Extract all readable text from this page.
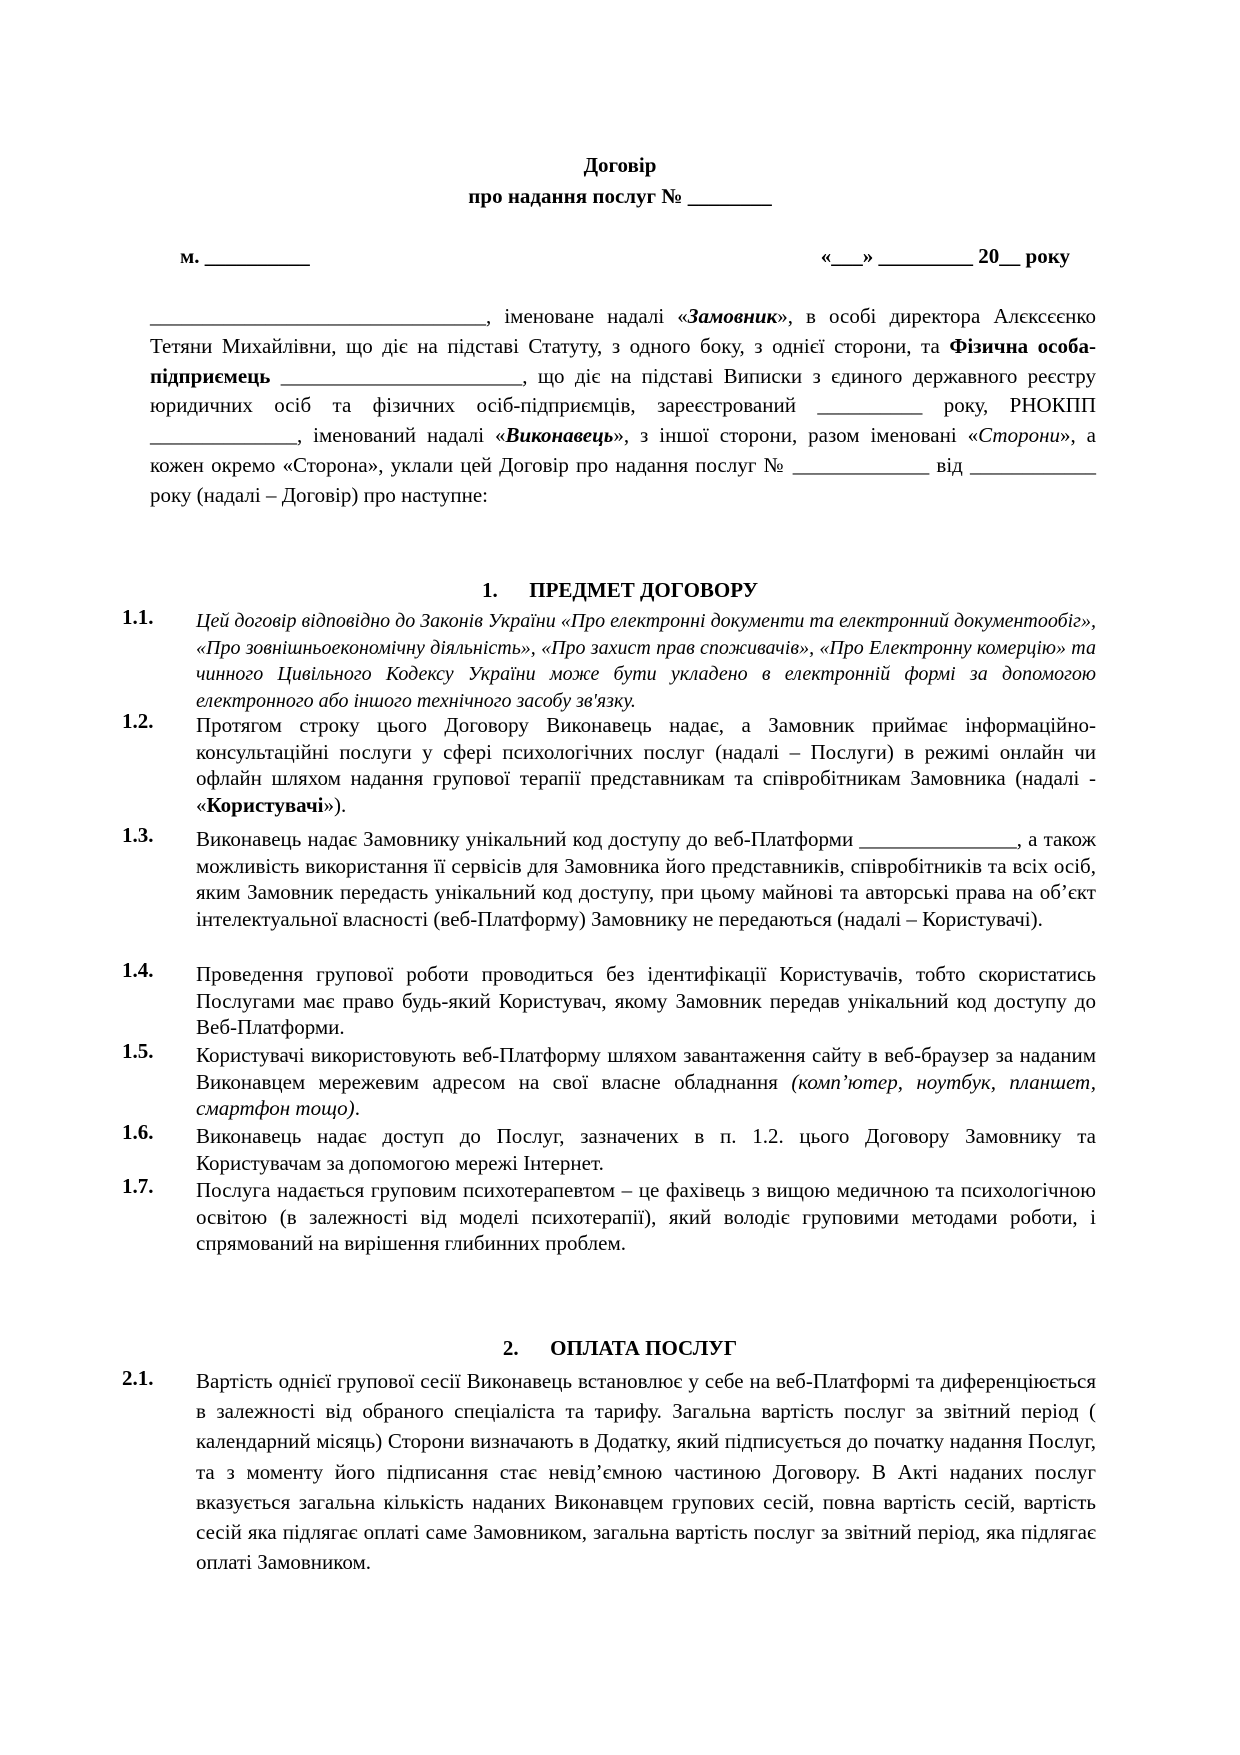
Договір
про надання послуг № ________
м. __________	«___» _________ 20__ року

________________________________, іменоване надалі «Замовник», в особі директора Алєксєєнко Тетяни Михайлівни, що діє на підставі Статуту, з одного боку, з однієї сторони, та Фізична особа-підприємець _______________________, що діє на підставі Виписки з єдиного державного реєстру юридичних осіб та фізичних осіб-підприємців, зареєстрований __________ року, РНОКПП ______________, іменований надалі «Виконавець», з іншої сторони, разом іменовані «Сторони», а кожен окремо «Сторона», уклали цей Договір про надання послуг № _____________ від ____________ року (надалі – Договір) про наступне:

1.      ПРЕДМЕТ ДОГОВОРУ
1.1.	Цей договір відповідно до Законів України «Про електронні документи та електронний документообіг», «Про зовнішньоекономічну діяльність», «Про захист прав споживачів», «Про Електронну комерцію» та чинного Цивільного Кодексу України може бути укладено в електронній формі за допомогою електронного або іншого технічного засобу зв'язку.
1.2.	Протягом строку цього Договору Виконавець надає, а Замовник приймає інформаційно-консультаційні послуги у сфері психологічних послуг (надалі – Послуги) в режимі онлайн чи офлайн шляхом надання групової терапії представникам та співробітникам Замовника (надалі - «Користувачі»).
1.3.	Виконавець надає Замовнику унікальний код доступу до веб-Платформи _______________, а також можливість використання її сервісів для Замовника його представників, співробітників та всіх осіб, яким Замовник передасть унікальний код доступу, при цьому майнові та авторські права на об’єкт інтелектуальної власності (веб-Платформу) Замовнику не передаються (надалі – Користувачі).
1.4.	Проведення групової роботи проводиться без ідентифікації Користувачів, тобто скористатись Послугами має право будь-який Користувач, якому Замовник передав унікальний код доступу до Веб-Платформи.
1.5.	Користувачі використовують веб-Платформу шляхом завантаження сайту в веб-браузер за наданим Виконавцем мережевим адресом на свої власне обладнання (комп’ютер, ноутбук, планшет, смартфон тощо).
1.6.	Виконавець надає доступ до Послуг, зазначених в п. 1.2. цього Договору Замовнику та Користувачам за допомогою мережі Інтернет.
1.7.	Послуга надається груповим психотерапевтом – це фахівець з вищою медичною та психологічною освітою (в залежності від моделі психотерапії), який володіє груповими методами роботи, і спрямований на вирішення глибинних проблем.
2.      ОПЛАТА ПОСЛУГ
2.1.	Вартість однієї групової сесії Виконавець встановлює у себе на веб-Платформі та диференціюється в залежності від обраного спеціаліста та тарифу. Загальна вартість послуг за звітний період ( календарний місяць) Сторони визначають в Додатку, який підписується до початку надання Послуг, та з моменту його підписання стає невід’ємною частиною Договору. В Акті наданих послуг вказується загальна кількість наданих Виконавцем групових сесій, повна вартість сесій, вартість сесій яка підлягає оплаті саме Замовником, загальна вартість послуг за звітний період, яка підлягає оплаті Замовником.
